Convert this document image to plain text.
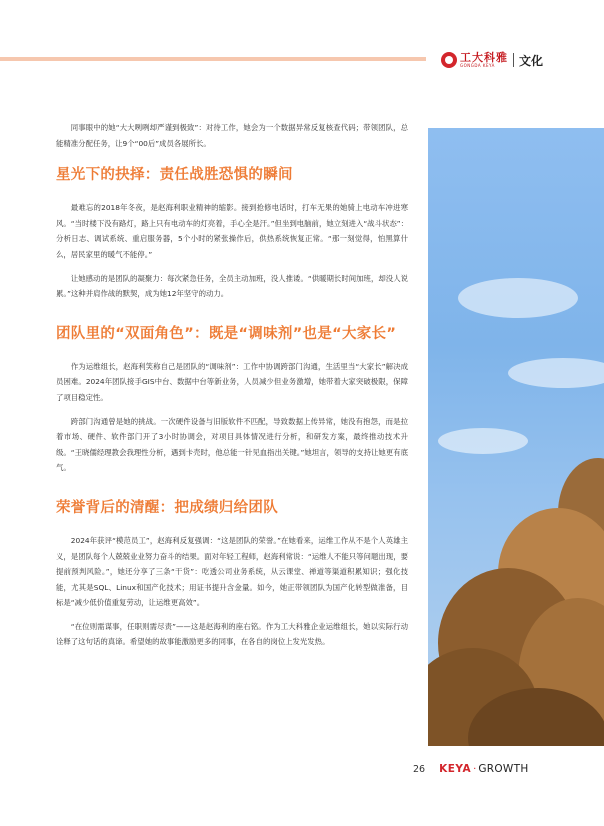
工大科雅
GONGDA KEYA	文化

同事眼中的她“大大咧咧却严谨到极致”：对待工作，她会为一个数据异常反复核查代码；带领团队，总能精准分配任务，让9个“00后”成员各展所长。

星光下的抉择：责任战胜恐惧的瞬间

最难忘的2018年冬夜，是赵海利职业精神的缩影。接到抢修电话时，打车无果的她骑上电动车冲进寒风。“当时楼下没有路灯，路上只有电动车的灯亮着，手心全是汗。”但坐到电脑前，她立刻进入“战斗状态”：分析日志、调试系统、重启服务器，5个小时的紧张操作后，供热系统恢复正常。“那一刻觉得，怕黑算什么，居民家里的暖气不能停。”

让她感动的是团队的凝聚力：每次紧急任务，全员主动加班，没人推诿。“供暖期长时间加班，却没人说累。”这种并肩作战的默契，成为她12年坚守的动力。

团队里的“双面角色”：既是“调味剂”也是“大家长”

作为运维组长，赵海利笑称自己是团队的“调味剂”：工作中协调跨部门沟通，生活里当“大家长”解决成员困难。2024年团队接手GIS中台、数据中台等新业务，人员减少但业务激增，她带着大家突破极限，保障了项目稳定性。

跨部门沟通曾是她的挑战。一次硬件设备与旧版软件不匹配，导致数据上传异常，她没有抱怨，而是拉着市场、硬件、软件部门开了3小时协调会，对项目具体情况进行分析，和研发方案，最终推动技术升级。“王晓儒经理教会我理性分析，遇到卡壳时，他总能一针见血指出关键。”她坦言，领导的支持让她更有底气。

荣誉背后的清醒：把成绩归给团队

2024年获评“模范员工”，赵海利反复强调：“这是团队的荣誉。”在她看来，运维工作从不是个人英雄主义，是团队每个人兢兢业业努力奋斗的结果。面对年轻工程师，赵海利常说：“运维人不能只等问题出现，要提前预判风险。”，她还分享了三条“干货”：吃透公司业务系统，从云课堂、禅道等渠道积累知识；强化技能，尤其是SQL、Linux和国产化技术；用证书提升含金量。如今，她正带领团队为国产化转型做准备，目标是“减少低价值重复劳动，让运维更高效”。

“在位则需谋事，任职则需尽责”——这是赵海利的座右铭。作为工大科雅企业运维组长，她以实际行动诠释了这句话的真谛。希望她的故事能激励更多的同事，在各自的岗位上发光发热。

26 KEYA · GROWTH
